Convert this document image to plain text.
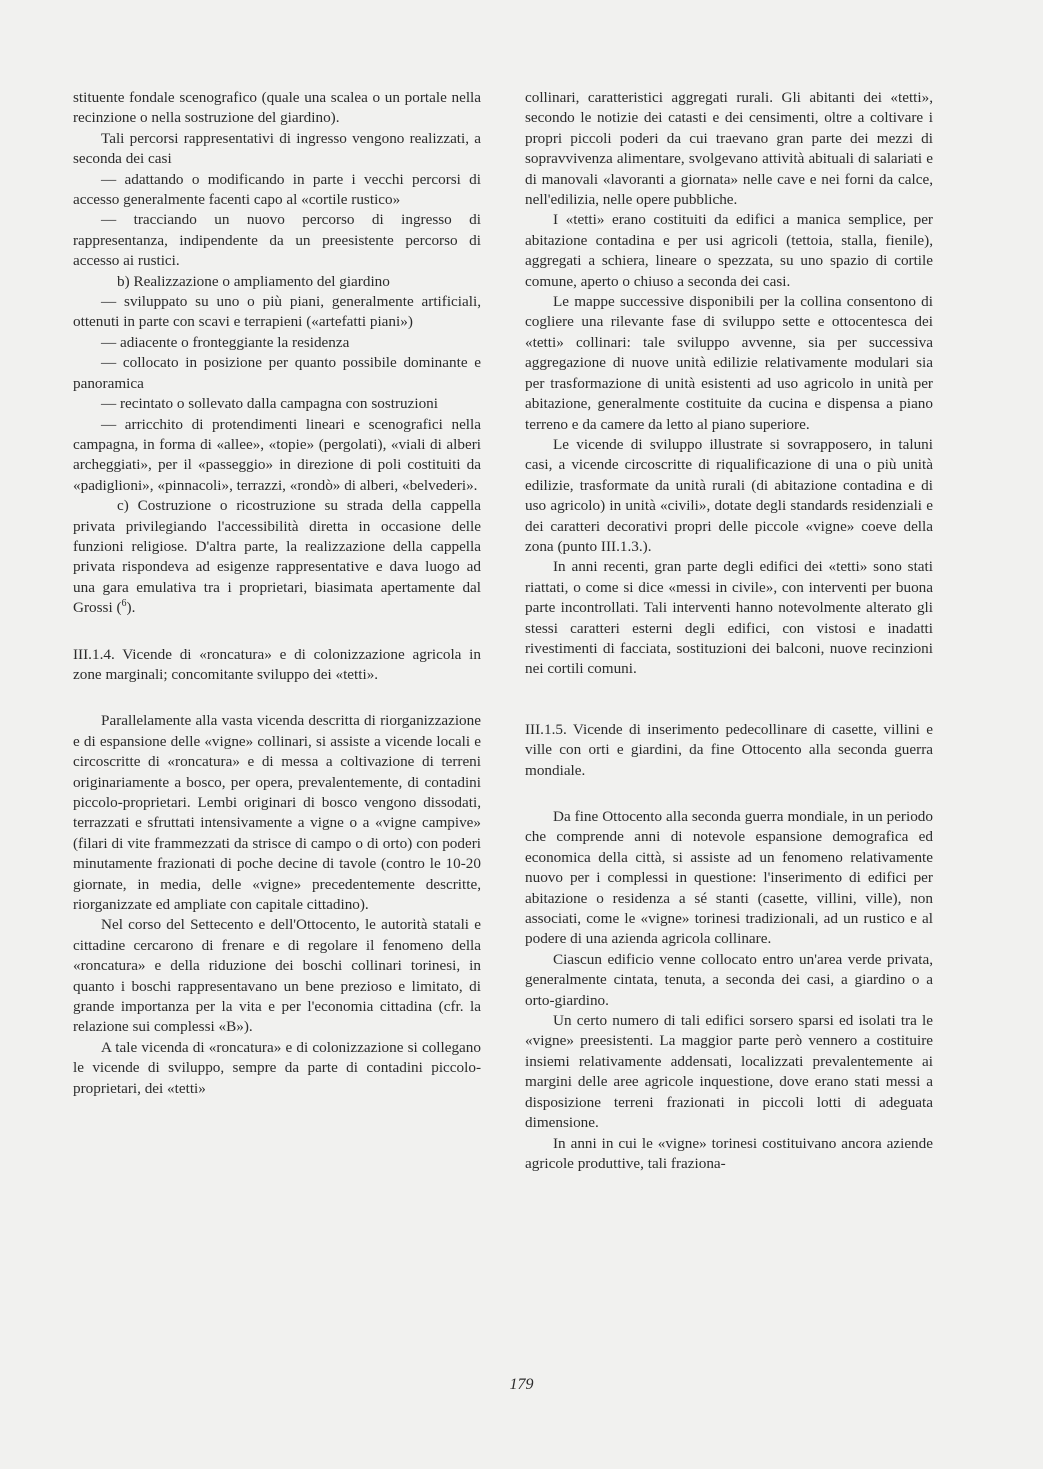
stituente fondale scenografico (quale una scalea o un portale nella recinzione o nella sostruzione del giardino).

Tali percorsi rappresentativi di ingresso vengono realizzati, a seconda dei casi

— adattando o modificando in parte i vecchi percorsi di accesso generalmente facenti capo al «cortile rustico»

— tracciando un nuovo percorso di ingresso di rappresentanza, indipendente da un preesistente percorso di accesso ai rustici.

b) Realizzazione o ampliamento del giardino

— sviluppato su uno o più piani, generalmente artificiali, ottenuti in parte con scavi e terrapieni («artefatti piani»)

— adiacente o fronteggiante la residenza

— collocato in posizione per quanto possibile dominante e panoramica

— recintato o sollevato dalla campagna con sostruzioni

— arricchito di protendimenti lineari e scenografici nella campagna, in forma di «allee», «topie» (pergolati), «viali di alberi archeggiati», per il «passeggio» in direzione di poli costituiti da «padiglioni», «pinnacoli», terrazzi, «rondò» di alberi, «belvederi».

c) Costruzione o ricostruzione su strada della cappella privata privilegiando l'accessibilità diretta in occasione delle funzioni religiose. D'altra parte, la realizzazione della cappella privata rispondeva ad esigenze rappresentative e dava luogo ad una gara emulativa tra i proprietari, biasimata apertamente dal Grossi ($^6$).

III.1.4. Vicende di «roncatura» e di colonizzazione agricola in zone marginali; concomitante sviluppo dei «tetti».

Parallelamente alla vasta vicenda descritta di riorganizzazione e di espansione delle «vigne» collinari, si assiste a vicende locali e circoscritte di «roncatura» e di messa a coltivazione di terreni originariamente a bosco, per opera, prevalentemente, di contadini piccolo-proprietari. Lembi originari di bosco vengono dissodati, terrazzati e sfruttati intensivamente a vigne o a «vigne campive» (filari di vite frammezzati da strisce di campo o di orto) con poderi minutamente frazionati di poche decine di tavole (contro le 10-20 giornate, in media, delle «vigne» precedentemente descritte, riorganizzate ed ampliate con capitale cittadino).

Nel corso del Settecento e dell'Ottocento, le autorità statali e cittadine cercarono di frenare e di regolare il fenomeno della «roncatura» e della riduzione dei boschi collinari torinesi, in quanto i boschi rappresentavano un bene prezioso e limitato, di grande importanza per la vita e per l'economia cittadina (cfr. la relazione sui complessi «B»).

A tale vicenda di «roncatura» e di colonizzazione si collegano le vicende di sviluppo, sempre da parte di contadini piccolo-proprietari, dei «tetti»

collinari, caratteristici aggregati rurali. Gli abitanti dei «tetti», secondo le notizie dei catasti e dei censimenti, oltre a coltivare i propri piccoli poderi da cui traevano gran parte dei mezzi di sopravvivenza alimentare, svolgevano attività abituali di salariati e di manovali «lavoranti a giornata» nelle cave e nei forni da calce, nell'edilizia, nelle opere pubbliche.

I «tetti» erano costituiti da edifici a manica semplice, per abitazione contadina e per usi agricoli (tettoia, stalla, fienile), aggregati a schiera, lineare o spezzata, su uno spazio di cortile comune, aperto o chiuso a seconda dei casi.

Le mappe successive disponibili per la collina consentono di cogliere una rilevante fase di sviluppo sette e ottocentesca dei «tetti» collinari: tale sviluppo avvenne, sia per successiva aggregazione di nuove unità edilizie relativamente modulari sia per trasformazione di unità esistenti ad uso agricolo in unità per abitazione, generalmente costituite da cucina e dispensa a piano terreno e da camere da letto al piano superiore.

Le vicende di sviluppo illustrate si sovrapposero, in taluni casi, a vicende circoscritte di riqualificazione di una o più unità edilizie, trasformate da unità rurali (di abitazione contadina e di uso agricolo) in unità «civili», dotate degli standards residenziali e dei caratteri decorativi propri delle piccole «vigne» coeve della zona (punto III.1.3.).

In anni recenti, gran parte degli edifici dei «tetti» sono stati riattati, o come si dice «messi in civile», con interventi per buona parte incontrollati. Tali interventi hanno notevolmente alterato gli stessi caratteri esterni degli edifici, con vistosi e inadatti rivestimenti di facciata, sostituzioni dei balconi, nuove recinzioni nei cortili comuni.

III.1.5. Vicende di inserimento pedecollinare di casette, villini e ville con orti e giardini, da fine Ottocento alla seconda guerra mondiale.

Da fine Ottocento alla seconda guerra mondiale, in un periodo che comprende anni di notevole espansione demografica ed economica della città, si assiste ad un fenomeno relativamente nuovo per i complessi in questione: l'inserimento di edifici per abitazione o residenza a sé stanti (casette, villini, ville), non associati, come le «vigne» torinesi tradizionali, ad un rustico e al podere di una azienda agricola collinare.

Ciascun edificio venne collocato entro un'area verde privata, generalmente cintata, tenuta, a seconda dei casi, a giardino o a orto-giardino.

Un certo numero di tali edifici sorsero sparsi ed isolati tra le «vigne» preesistenti. La maggior parte però vennero a costituire insiemi relativamente addensati, localizzati prevalentemente ai margini delle aree agricole inquestione, dove erano stati messi a disposizione terreni frazionati in piccoli lotti di adeguata dimensione.

In anni in cui le «vigne» torinesi costituivano ancora aziende agricole produttive, tali fraziona-

179
